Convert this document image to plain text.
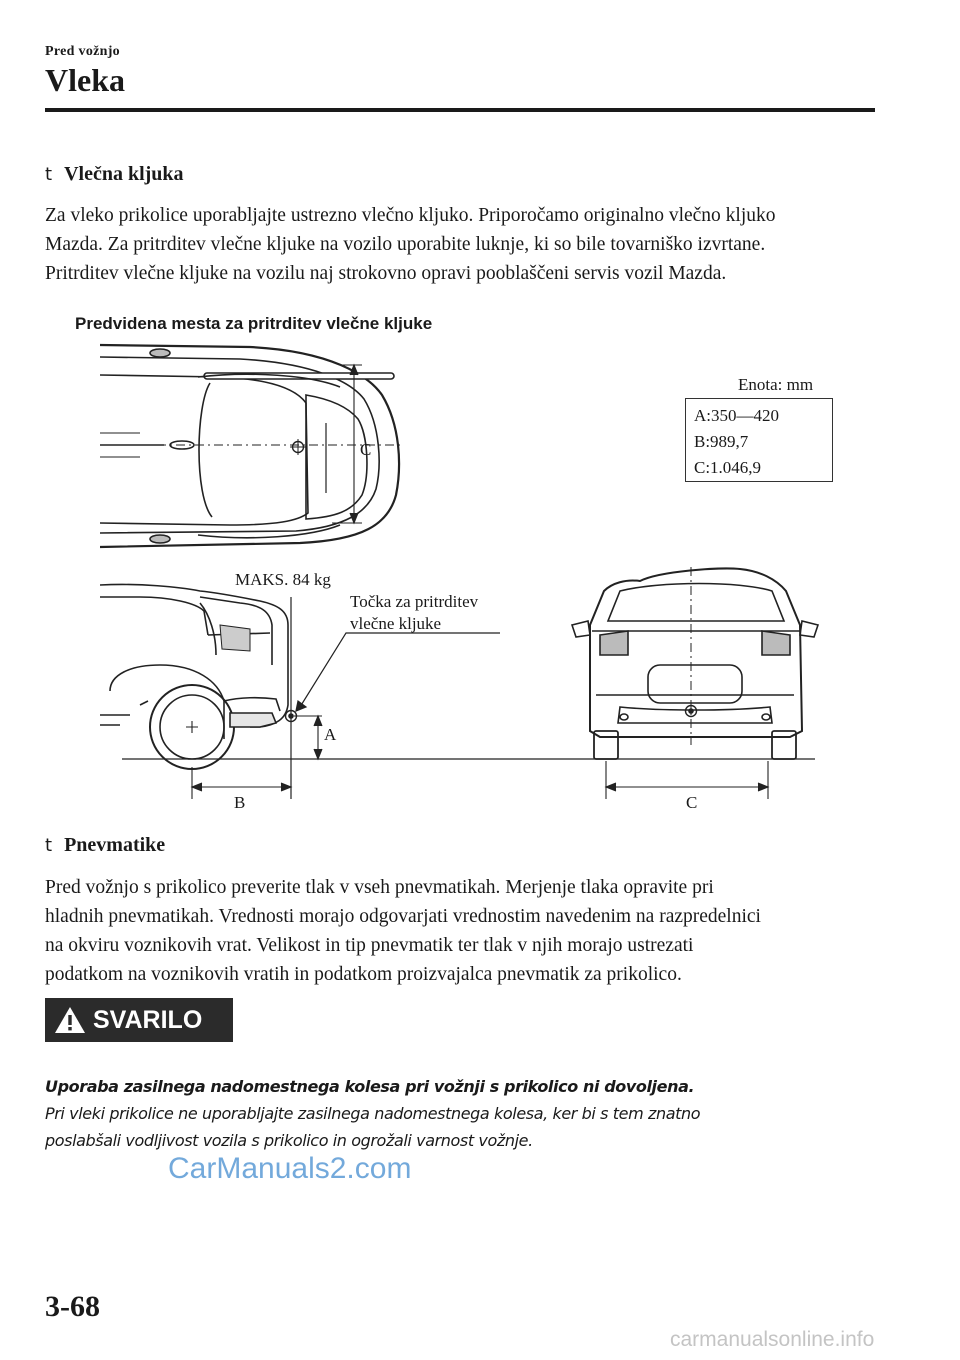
Pred vožnjo
Vleka
t Vlečna kljuka

Za vleko prikolice uporabljajte ustrezno vlečno kljuko. Priporočamo originalno vlečno kljuko

Mazda. Za pritrditev vlečne kljuke na vozilo uporabite luknje, ki so bile tovarniško izvrtane.

Pritrditev vlečne kljuke na vozilu naj strokovno opravi pooblaščeni servis vozil Mazda.

Predvidena mesta za pritrditev vlečne kljuke
C
MAKS. 84 kg
Točka za pritrditev
vlečne kljuke
A
B	C
Enota: mm
A:350—420
B:989,7
C:1.046,9
t Pnevmatike

Pred vožnjo s prikolico preverite tlak v vseh pnevmatikah. Merjenje tlaka opravite pri

hladnih pnevmatikah. Vrednosti morajo odgovarjati vrednostim navedenim na razpredelnici

na okviru voznikovih vrat. Velikost in tip pnevmatik ter tlak v njih morajo ustrezati

podatkom na voznikovih vratih in podatkom proizvajalca pnevmatik za prikolico.

SVARILO
Uporaba zasilnega nadomestnega kolesa pri vožnji s prikolico ni dovoljena.
Pri vleki prikolice ne uporabljajte zasilnega nadomestnega kolesa, ker bi s tem znatno
poslabšali vodljivost vozila s prikolico in ogrožali varnost vožnje.
CarManuals2.com
3-68
carmanualsonline.info
